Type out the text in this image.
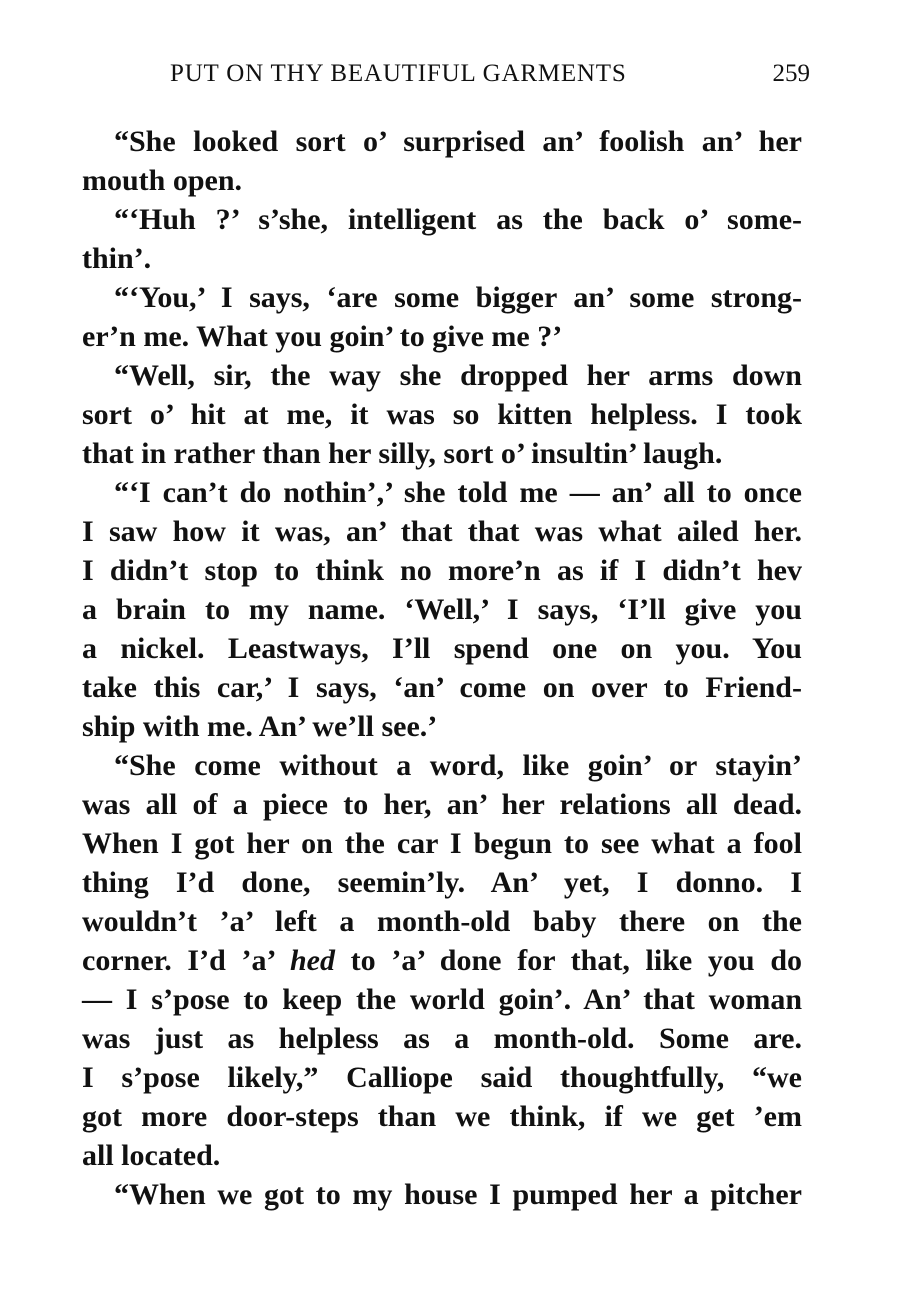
PUT ON THY BEAUTIFUL GARMENTS	259
“She looked sort o’ surprised an’ foolish an’ her
mouth open.
“‘Huh ?’ s’she, intelligent as the back o’ some-
thin’.
“‘You,’ I says, ‘are some bigger an’ some strong-
er’n me. What you goin’ to give me ?’
“Well, sir, the way she dropped her arms down
sort o’ hit at me, it was so kitten helpless. I took
that in rather than her silly, sort o’ insultin’ laugh.
“‘I can’t do nothin’,’ she told me — an’ all to once
I saw how it was, an’ that that was what ailed her.
I didn’t stop to think no more’n as if I didn’t hev
a brain to my name. ‘Well,’ I says, ‘I’ll give you
a nickel. Leastways, I’ll spend one on you. You
take this car,’ I says, ‘an’ come on over to Friend-
ship with me. An’ we’ll see.’
“She come without a word, like goin’ or stayin’
was all of a piece to her, an’ her relations all dead.
When I got her on the car I begun to see what a fool
thing I’d done, seemin’ly. An’ yet, I donno. I
wouldn’t ’a’ left a month-old baby there on the
corner. I’d ’a’ hed to ’a’ done for that, like you do
— I s’pose to keep the world goin’. An’ that woman
was just as helpless as a month-old. Some are.
I s’pose likely,” Calliope said thoughtfully, “we
got more door-steps than we think, if we get ’em
all located.
“When we got to my house I pumped her a pitcher
